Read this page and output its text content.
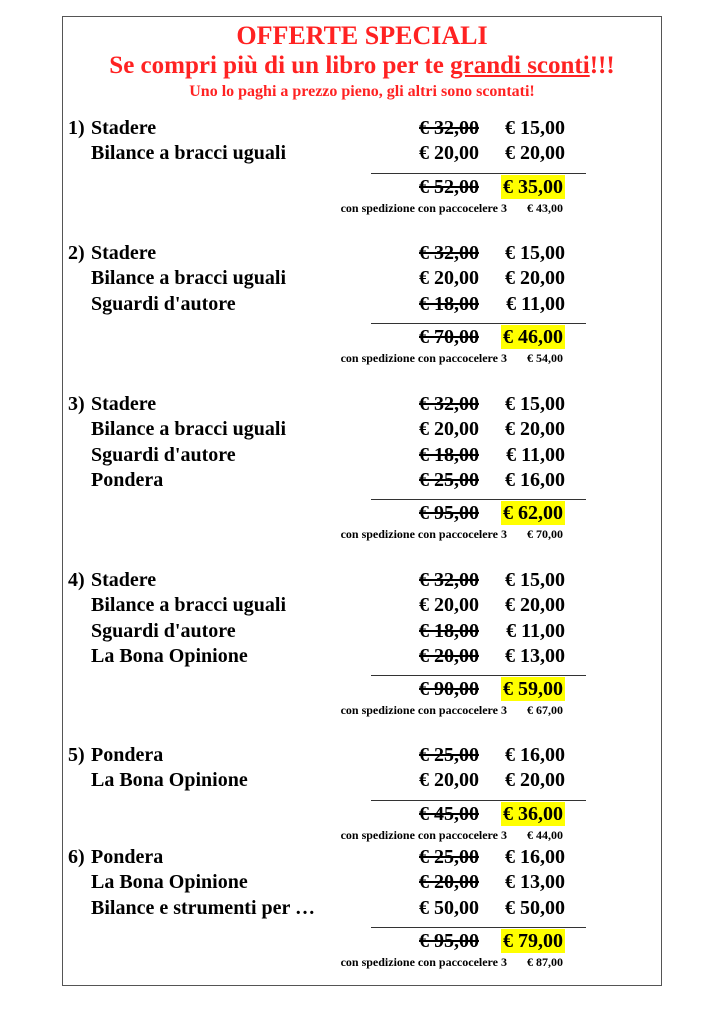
OFFERTE SPECIALI
Se compri più di un libro per te grandi sconti!!!
Uno lo paghi a prezzo pieno, gli altri sono scontati!
1) Stadere	€ 32,00 € 15,00
Bilance a bracci uguali	€ 20,00 € 20,00
€ 52,00 € 35,00
con spedizione con paccocelere 3 € 43,00
2) Stadere	€ 32,00 € 15,00
Bilance a bracci uguali	€ 20,00 € 20,00
Sguardi d'autore	€ 18,00 € 11,00
€ 70,00 € 46,00
con spedizione con paccocelere 3 € 54,00
3) Stadere	€ 32,00 € 15,00
Bilance a bracci uguali	€ 20,00 € 20,00
Sguardi d'autore	€ 18,00 € 11,00
Pondera	€ 25,00 € 16,00
€ 95,00 € 62,00
con spedizione con paccocelere 3 € 70,00
4) Stadere	€ 32,00 € 15,00
Bilance a bracci uguali	€ 20,00 € 20,00
Sguardi d'autore	€ 18,00 € 11,00
La Bona Opinione	€ 20,00 € 13,00
€ 90,00 € 59,00
con spedizione con paccocelere 3 € 67,00
5) Pondera	€ 25,00 € 16,00
La Bona Opinione	€ 20,00 € 20,00
€ 45,00 € 36,00
con spedizione con paccocelere 3 € 44,00
6) Pondera	€ 25,00 € 16,00
La Bona Opinione	€ 20,00 € 13,00
Bilance e strumenti per …	€ 50,00 € 50,00
€ 95,00 € 79,00
con spedizione con paccocelere 3 € 87,00
